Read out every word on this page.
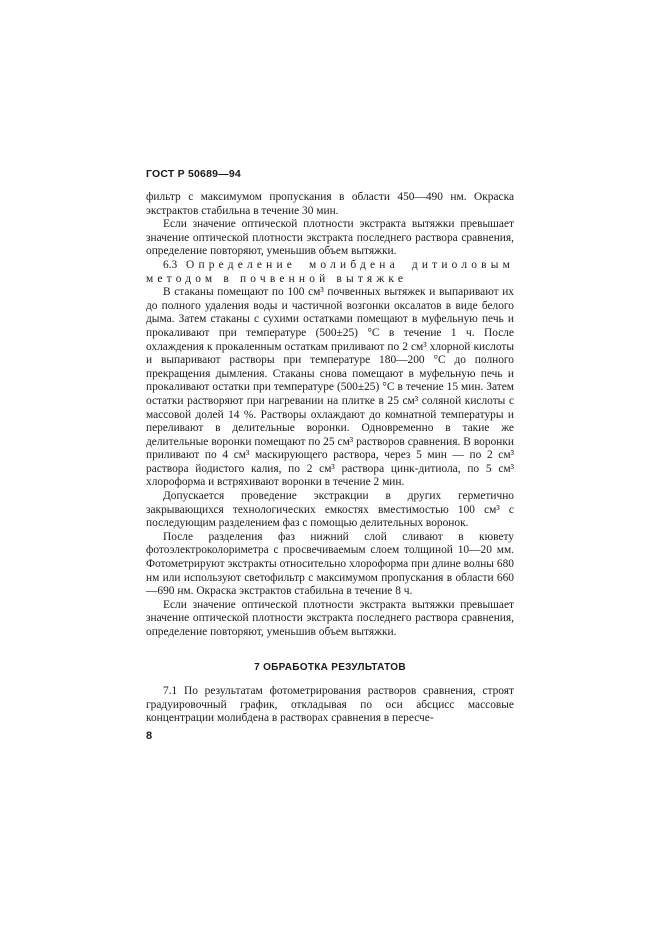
ГОСТ Р 50689—94

фильтр с максимумом пропускания в области 450—490 нм. Окраска экстрактов стабильна в течение 30 мин.

Если значение оптической плотности экстракта вытяжки превышает значение оптической плотности экстракта последнего раствора сравнения, определение повторяют, уменьшив объем вытяжки.

6.3 Определение молибдена дитиоловым методом в почвенной вытяжке

В стаканы помещают по 100 см³ почвенных вытяжек и выпаривают их до полного удаления воды и частичной возгонки оксалатов в виде белого дыма. Затем стаканы с сухими остатками помещают в муфельную печь и прокаливают при температуре (500±25) °С в течение 1 ч. После охлаждения к прокаленным остаткам приливают по 2 см³ хлорной кислоты и выпаривают растворы при температуре 180—200 °С до полного прекращения дымления. Стаканы снова помещают в муфельную печь и прокаливают остатки при температуре (500±25) °С в течение 15 мин. Затем остатки растворяют при нагревании на плитке в 25 см³ соляной кислоты с массовой долей 14 %. Растворы охлаждают до комнатной температуры и переливают в делительные воронки. Одновременно в такие же делительные воронки помещают по 25 см³ растворов сравнения. В воронки приливают по 4 см³ маскирующего раствора, через 5 мин — по 2 см³ раствора йодистого калия, по 2 см³ раствора цинк-дитиола, по 5 см³ хлороформа и встряхивают воронки в течение 2 мин.

Допускается проведение экстракции в других герметично закрывающихся технологических емкостях вместимостью 100 см³ с последующим разделением фаз с помощью делительных воронок.

После разделения фаз нижний слой сливают в кювету фотоэлектроколориметра с просвечиваемым слоем толщиной 10—20 мм. Фотометрируют экстракты относительно хлороформа при длине волны 680 нм или используют светофильтр с максимумом пропускания в области 660—690 нм. Окраска экстрактов стабильна в течение 8 ч.

Если значение оптической плотности экстракта вытяжки превышает значение оптической плотности экстракта последнего раствора сравнения, определение повторяют, уменьшив объем вытяжки.

7 ОБРАБОТКА РЕЗУЛЬТАТОВ

7.1 По результатам фотометрирования растворов сравнения, строят градуировочный график, откладывая по оси абсцисс массовые концентрации молибдена в растворах сравнения в пересче-

8
